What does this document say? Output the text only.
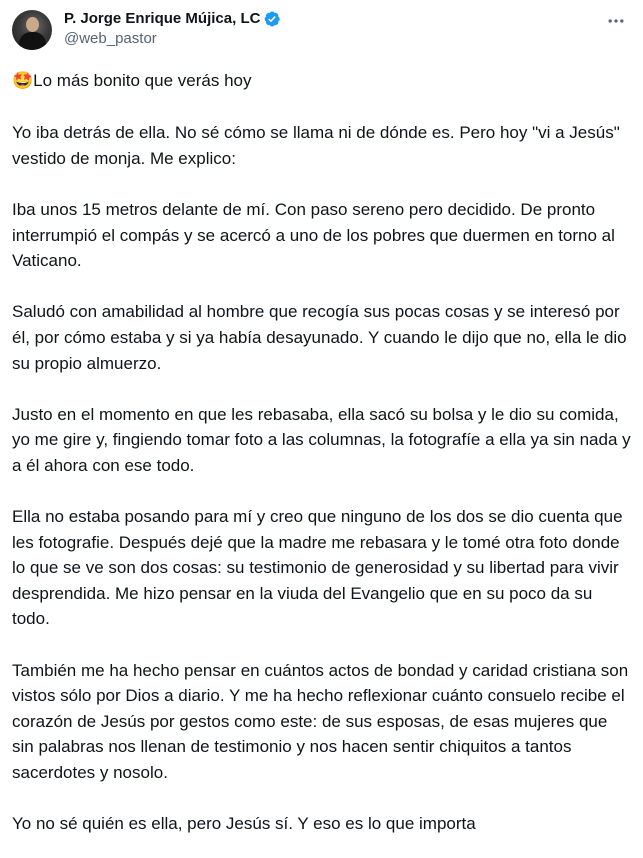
P. Jorge Enrique Mújica, LC
@web_pastor
🤩Lo más bonito que verás hoy

Yo iba detrás de ella. No sé cómo se llama ni de dónde es. Pero hoy "vi a Jesús" vestido de monja. Me explico:

Iba unos 15 metros delante de mí. Con paso sereno pero decidido. De pronto interrumpió el compás y se acercó a uno de los pobres que duermen en torno al Vaticano.

Saludó con amabilidad al hombre que recogía sus pocas cosas y se interesó por él, por cómo estaba y si ya había desayunado. Y cuando le dijo que no, ella le dio su propio almuerzo.

Justo en el momento en que les rebasaba, ella sacó su bolsa y le dio su comida, yo me gire y, fingiendo tomar foto a las columnas, la fotografíe a ella ya sin nada y a él ahora con ese todo.

Ella no estaba posando para mí y creo que ninguno de los dos se dio cuenta que les fotografie. Después dejé que la madre me rebasara y le tomé otra foto donde lo que se ve son dos cosas: su testimonio de generosidad y su libertad para vivir desprendida. Me hizo pensar en la viuda del Evangelio que en su poco da su todo.

También me ha hecho pensar en cuántos actos de bondad y caridad cristiana son vistos sólo por Dios a diario. Y me ha hecho reflexionar cuánto consuelo recibe el corazón de Jesús por gestos como este: de sus esposas, de esas mujeres que sin palabras nos llenan de testimonio y nos hacen sentir chiquitos a tantos sacerdotes y nosolo.

Yo no sé quién es ella, pero Jesús sí. Y eso es lo que importa
